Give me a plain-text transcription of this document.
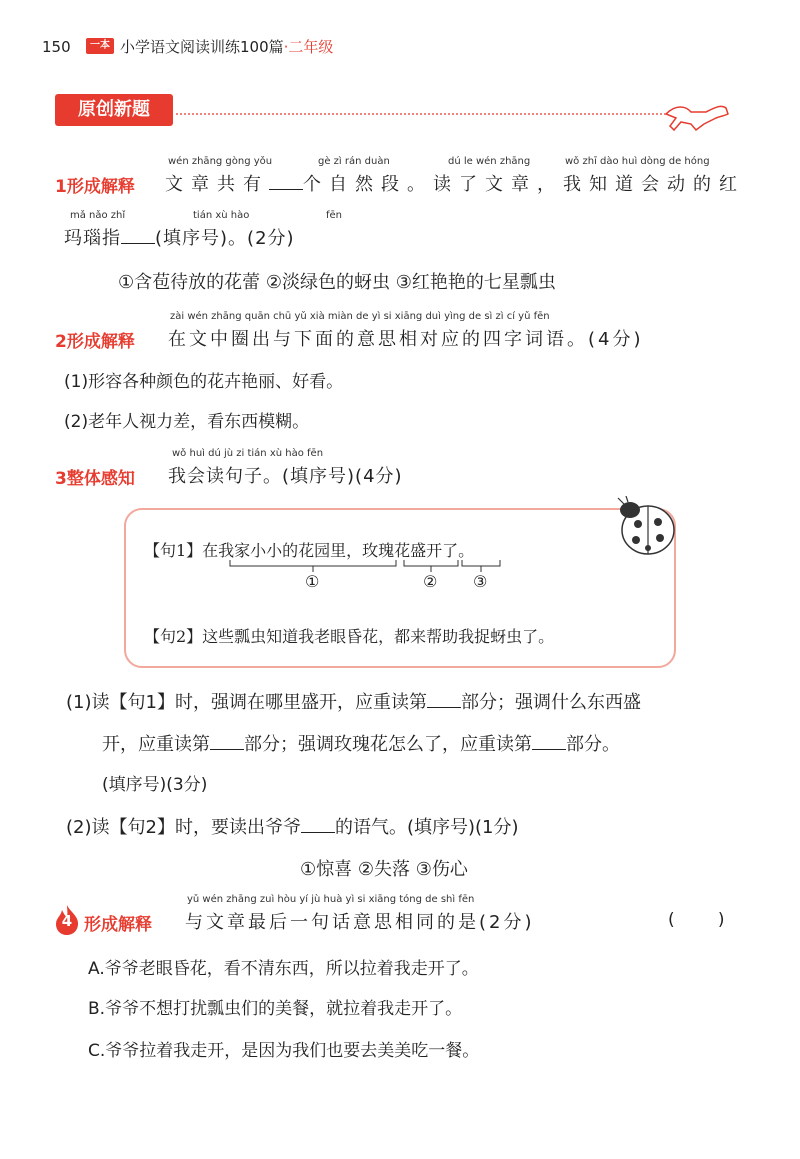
150	一本 小学语文阅读训练100篇·二年级
原创新题
wén zhāng gòng yǒu	gè zì rán duàn	dú le wén zhāng	wǒ zhī dào huì dòng de hóng
1形成解释 文章共有 个自然段。读了文章，我知道会动的红
mǎ nǎo zhǐ	tián xù hào	fēn
玛瑙指 (填序号)。(2分)
①含苞待放的花蕾 ②淡绿色的蚜虫 ③红艳艳的七星瓢虫
zài wén zhāng quān chū yǔ xià miàn de yì si xiāng duì yìng de sì zì cí yǔ fēn
2形成解释 在文中圈出与下面的意思相对应的四字词语。(4分)
(1)形容各种颜色的花卉艳丽、好看。
(2)老年人视力差，看东西模糊。
wǒ huì dú jù zi tián xù hào fēn
3整体感知 我会读句子。(填序号)(4分)
【句1】在我家小小的花园里，玫瑰花盛开了。
①	② ③
【句2】这些瓢虫知道我老眼昏花，都来帮助我捉蚜虫了。
(1)读【句1】时，强调在哪里盛开，应重读第 部分；强调什么东西盛
开，应重读第 部分；强调玫瑰花怎么了，应重读第 部分。
(填序号)(3分)
(2)读【句2】时，要读出爷爷 的语气。(填序号)(1分)
①惊喜 ②失落 ③伤心
4
yǔ wén zhāng zuì hòu yí jù huà yì si xiāng tóng de shì fēn
形成解释 与文章最后一句话意思相同的是(2分)	(        )
A.爷爷老眼昏花，看不清东西，所以拉着我走开了。
B.爷爷不想打扰瓢虫们的美餐，就拉着我走开了。
C.爷爷拉着我走开，是因为我们也要去美美吃一餐。
